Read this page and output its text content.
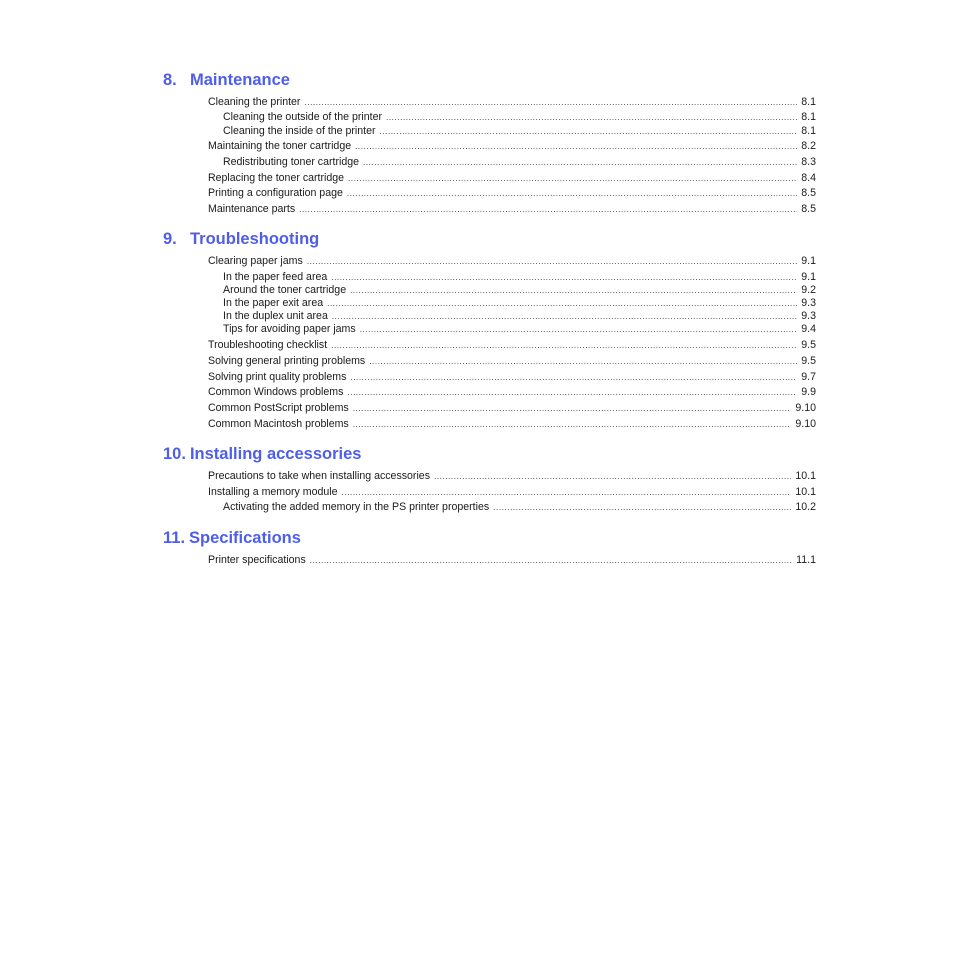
8. Maintenance
Cleaning the printer .....	8.1
Cleaning the outside of the printer .....	8.1
Cleaning the inside of the printer .....	8.1
Maintaining the toner cartridge .....	8.2
Redistributing toner cartridge .....	8.3
Replacing the toner cartridge .....	8.4
Printing a configuration page .....	8.5
Maintenance parts .....	8.5
9. Troubleshooting
Clearing paper jams .....	9.1
In the paper feed area .....	9.1
Around the toner cartridge .....	9.2
In the paper exit area .....	9.3
In the duplex unit area .....	9.3
Tips for avoiding paper jams .....	9.4
Troubleshooting checklist .....	9.5
Solving general printing problems .....	9.5
Solving print quality problems .....	9.7
Common Windows problems .....	9.9
Common PostScript problems .....	9.10
Common Macintosh problems .....	9.10
10. Installing accessories
Precautions to take when installing accessories .....	10.1
Installing a memory module .....	10.1
Activating the added memory in the PS printer properties .....	10.2
11. Specifications
Printer specifications .....	11.1
